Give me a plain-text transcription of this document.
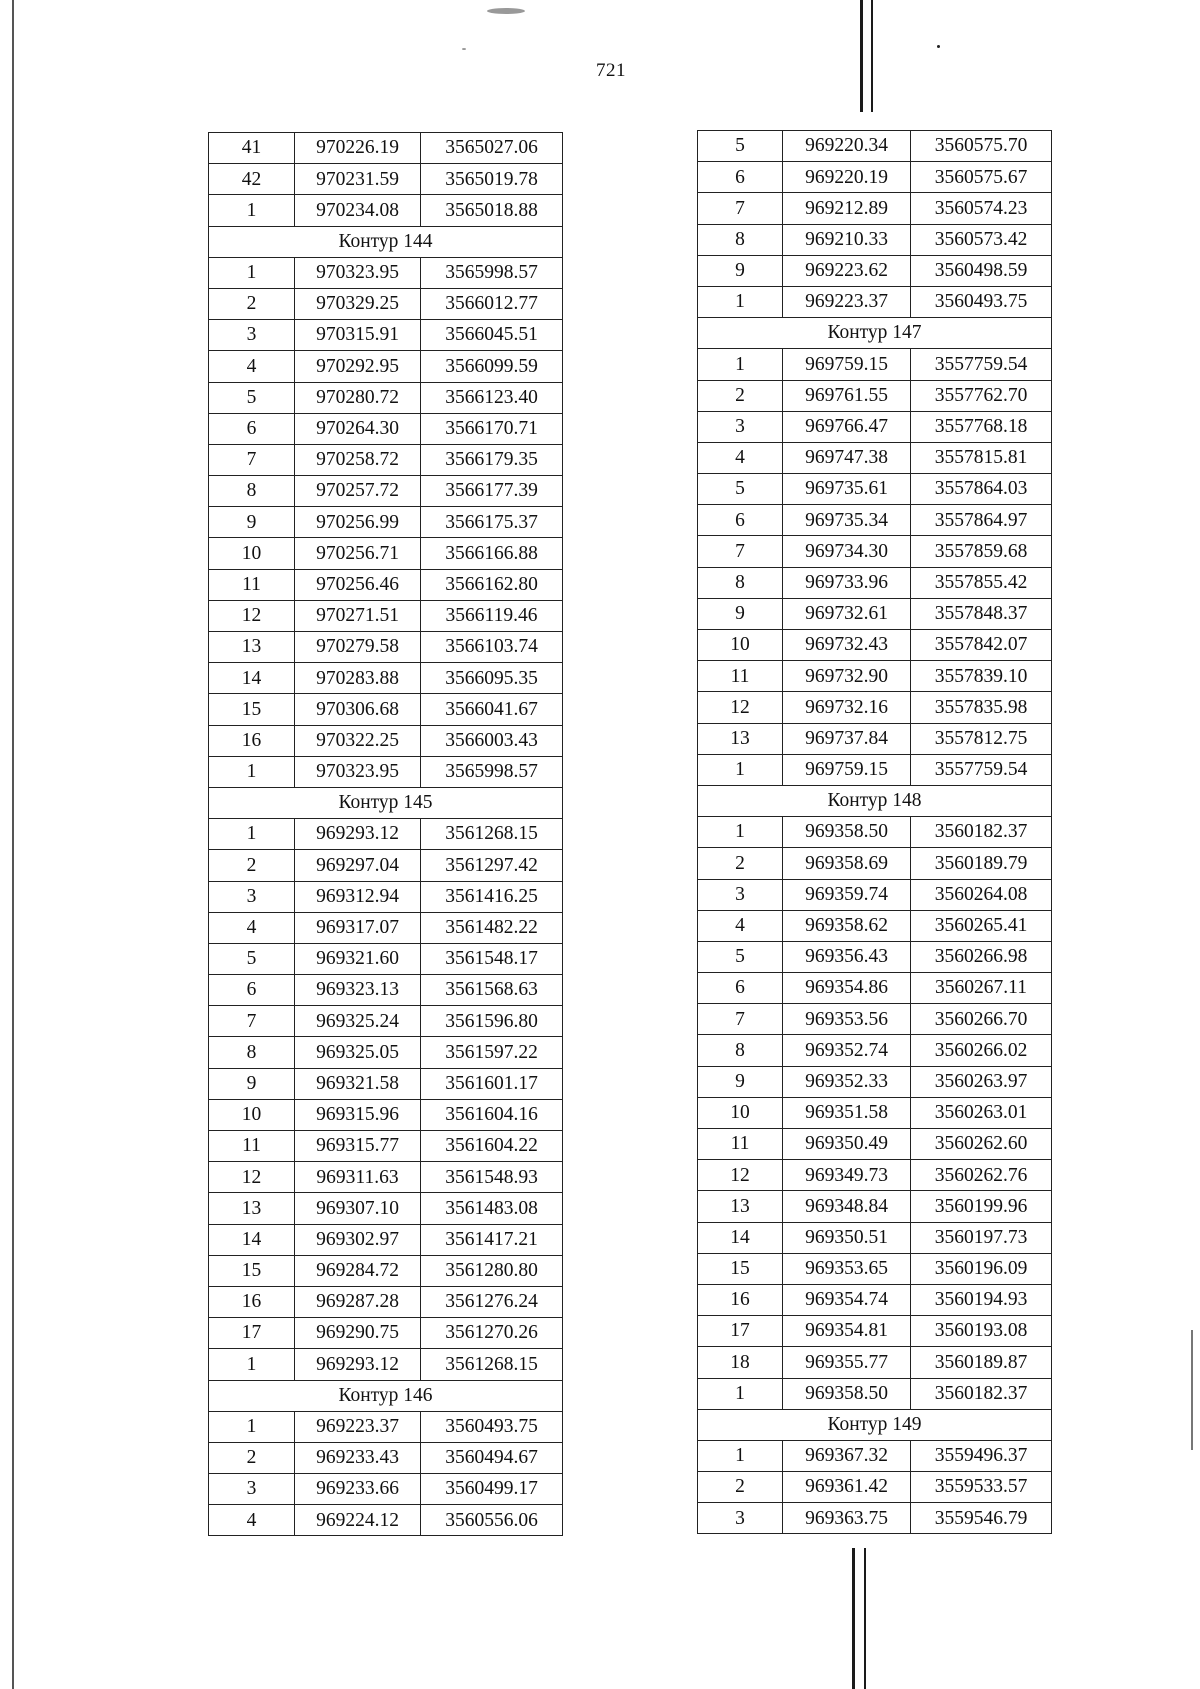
721
41	970226.19	3565027.06
42	970231.59	3565019.78
1	970234.08	3565018.88
Контур 144		
1	970323.95	3565998.57
2	970329.25	3566012.77
3	970315.91	3566045.51
4	970292.95	3566099.59
5	970280.72	3566123.40
6	970264.30	3566170.71
7	970258.72	3566179.35
8	970257.72	3566177.39
9	970256.99	3566175.37
10	970256.71	3566166.88
11	970256.46	3566162.80
12	970271.51	3566119.46
13	970279.58	3566103.74
14	970283.88	3566095.35
15	970306.68	3566041.67
16	970322.25	3566003.43
1	970323.95	3565998.57
Контур 145		
1	969293.12	3561268.15
2	969297.04	3561297.42
3	969312.94	3561416.25
4	969317.07	3561482.22
5	969321.60	3561548.17
6	969323.13	3561568.63
7	969325.24	3561596.80
8	969325.05	3561597.22
9	969321.58	3561601.17
10	969315.96	3561604.16
11	969315.77	3561604.22
12	969311.63	3561548.93
13	969307.10	3561483.08
14	969302.97	3561417.21
15	969284.72	3561280.80
16	969287.28	3561276.24
17	969290.75	3561270.26
1	969293.12	3561268.15
Контур 146		
1	969223.37	3560493.75
2	969233.43	3560494.67
3	969233.66	3560499.17
4	969224.12	3560556.06
5	969220.34	3560575.70
6	969220.19	3560575.67
7	969212.89	3560574.23
8	969210.33	3560573.42
9	969223.62	3560498.59
1	969223.37	3560493.75
Контур 147		
1	969759.15	3557759.54
2	969761.55	3557762.70
3	969766.47	3557768.18
4	969747.38	3557815.81
5	969735.61	3557864.03
6	969735.34	3557864.97
7	969734.30	3557859.68
8	969733.96	3557855.42
9	969732.61	3557848.37
10	969732.43	3557842.07
11	969732.90	3557839.10
12	969732.16	3557835.98
13	969737.84	3557812.75
1	969759.15	3557759.54
Контур 148		
1	969358.50	3560182.37
2	969358.69	3560189.79
3	969359.74	3560264.08
4	969358.62	3560265.41
5	969356.43	3560266.98
6	969354.86	3560267.11
7	969353.56	3560266.70
8	969352.74	3560266.02
9	969352.33	3560263.97
10	969351.58	3560263.01
11	969350.49	3560262.60
12	969349.73	3560262.76
13	969348.84	3560199.96
14	969350.51	3560197.73
15	969353.65	3560196.09
16	969354.74	3560194.93
17	969354.81	3560193.08
18	969355.77	3560189.87
1	969358.50	3560182.37
Контур 149		
1	969367.32	3559496.37
2	969361.42	3559533.57
3	969363.75	3559546.79
